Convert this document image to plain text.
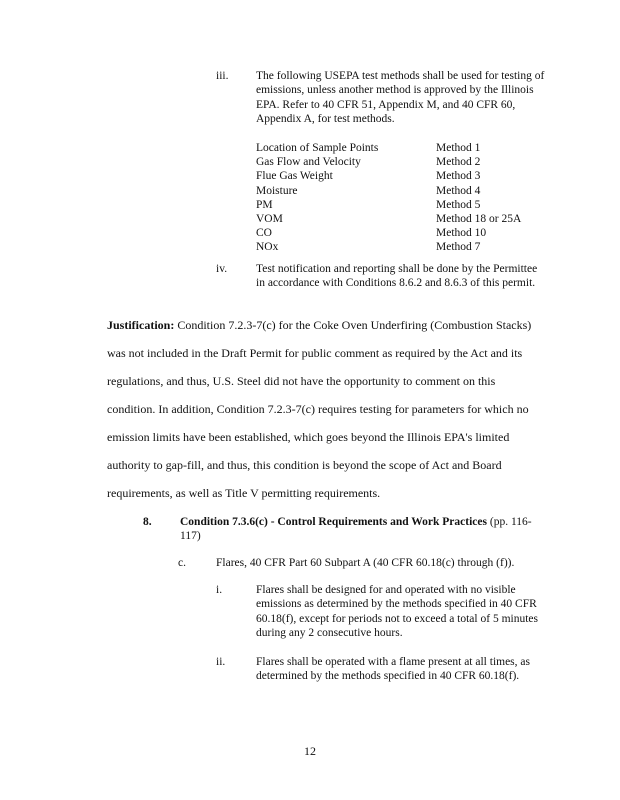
iii. The following USEPA test methods shall be used for testing of emissions, unless another method is approved by the Illinois EPA. Refer to 40 CFR 51, Appendix M, and 40 CFR 60, Appendix A, for test methods.
Location of Sample Points	Method 1
Gas Flow and Velocity	Method 2
Flue Gas Weight	Method 3
Moisture	Method 4
PM	Method 5
VOM	Method 18 or 25A
CO	Method 10
NOx	Method 7
iv.	Test notification and reporting shall be done by the Permittee in accordance with Conditions 8.6.2 and 8.6.3 of this permit.
Justification: Condition 7.2.3-7(c) for the Coke Oven Underfiring (Combustion Stacks)
was not included in the Draft Permit for public comment as required by the Act and its
regulations, and thus, U.S. Steel did not have the opportunity to comment on this
condition. In addition, Condition 7.2.3-7(c) requires testing for parameters for which no
emission limits have been established, which goes beyond the Illinois EPA's limited
authority to gap-fill, and thus, this condition is beyond the scope of Act and Board
requirements, as well as Title V permitting requirements.
8. Condition 7.3.6(c) - Control Requirements and Work Practices (pp. 116-117)
c.	Flares, 40 CFR Part 60 Subpart A (40 CFR 60.18(c) through (f)).
i.	Flares shall be designed for and operated with no visible emissions as determined by the methods specified in 40 CFR 60.18(f), except for periods not to exceed a total of 5 minutes during any 2 consecutive hours.
ii.	Flares shall be operated with a flame present at all times, as determined by the methods specified in 40 CFR 60.18(f).
12
